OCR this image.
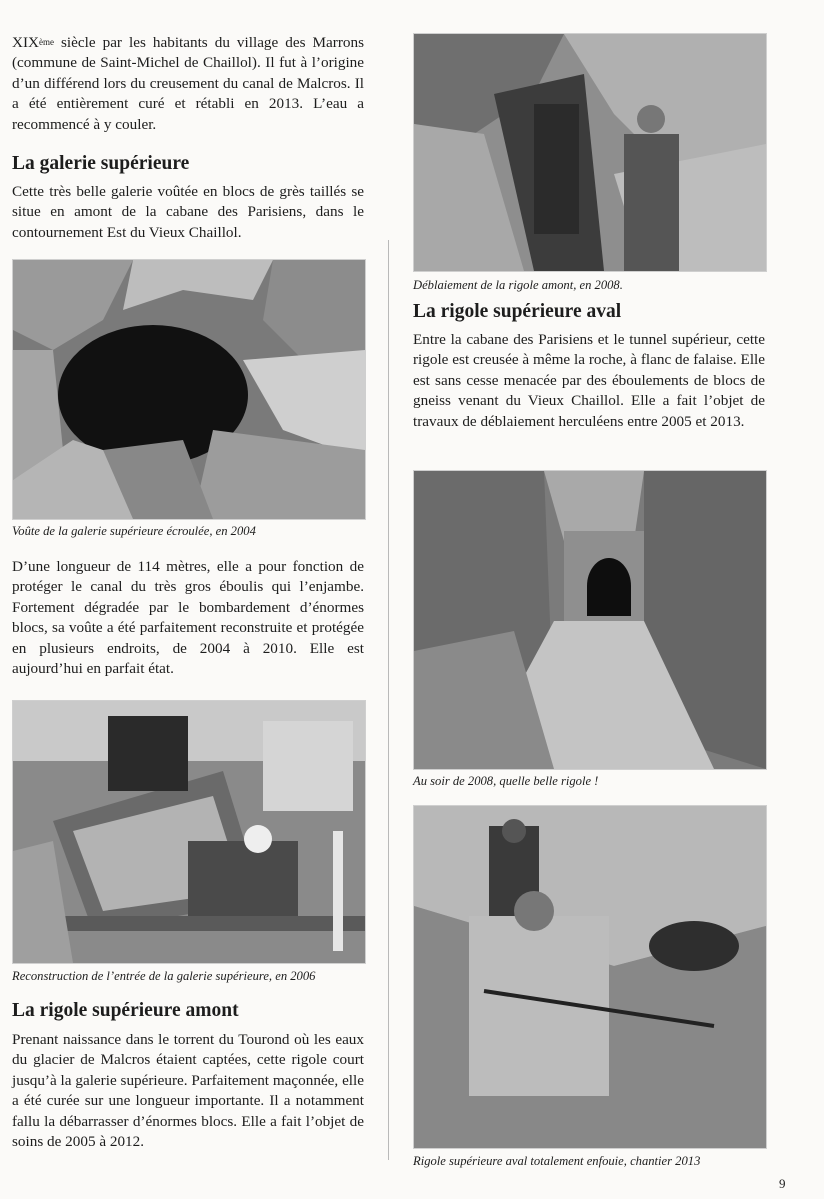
XIXème siècle par les habitants du village des Marrons (commune de Saint-Michel de Chaillol). Il fut à l’origine d’un différend lors du creusement du canal de Malcros. Il a été entièrement curé et rétabli en 2013. L’eau a recommencé à y couler.

La galerie supérieure

Cette très belle galerie voûtée en blocs de grès taillés se situe en amont de la cabane des Parisiens, dans le contournement Est du Vieux Chaillol.

Voûte de la galerie supérieure écroulée, en 2004

D’une longueur de 114 mètres, elle a pour fonction de protéger le canal du très gros éboulis qui l’enjambe. Fortement dégradée par le bombardement d’énormes blocs, sa voûte a été parfaitement reconstruite et protégée en plusieurs endroits, de 2004 à 2010. Elle est aujourd’hui en parfait état.

Reconstruction de l’entrée de la galerie supérieure, en 2006

La rigole supérieure amont

Prenant naissance dans le torrent du Tourond où les eaux du glacier de Malcros étaient captées, cette rigole court jusqu’à la galerie supérieure. Parfaitement maçonnée, elle a été curée sur une longueur importante. Il a notamment fallu la débarrasser d’énormes blocs. Elle a fait l’objet de soins de 2005 à 2012.

Déblaiement de la rigole amont, en 2008.

La rigole supérieure aval

Entre la cabane des Parisiens et le tunnel supérieur, cette rigole est creusée à même la roche, à flanc de falaise. Elle est sans cesse menacée par des éboulements de blocs de gneiss venant du Vieux Chaillol. Elle a fait l’objet de travaux de déblaiement herculéens entre 2005 et 2013.

Au soir de 2008, quelle belle rigole !

Rigole supérieure aval totalement enfouie, chantier 2013

9
